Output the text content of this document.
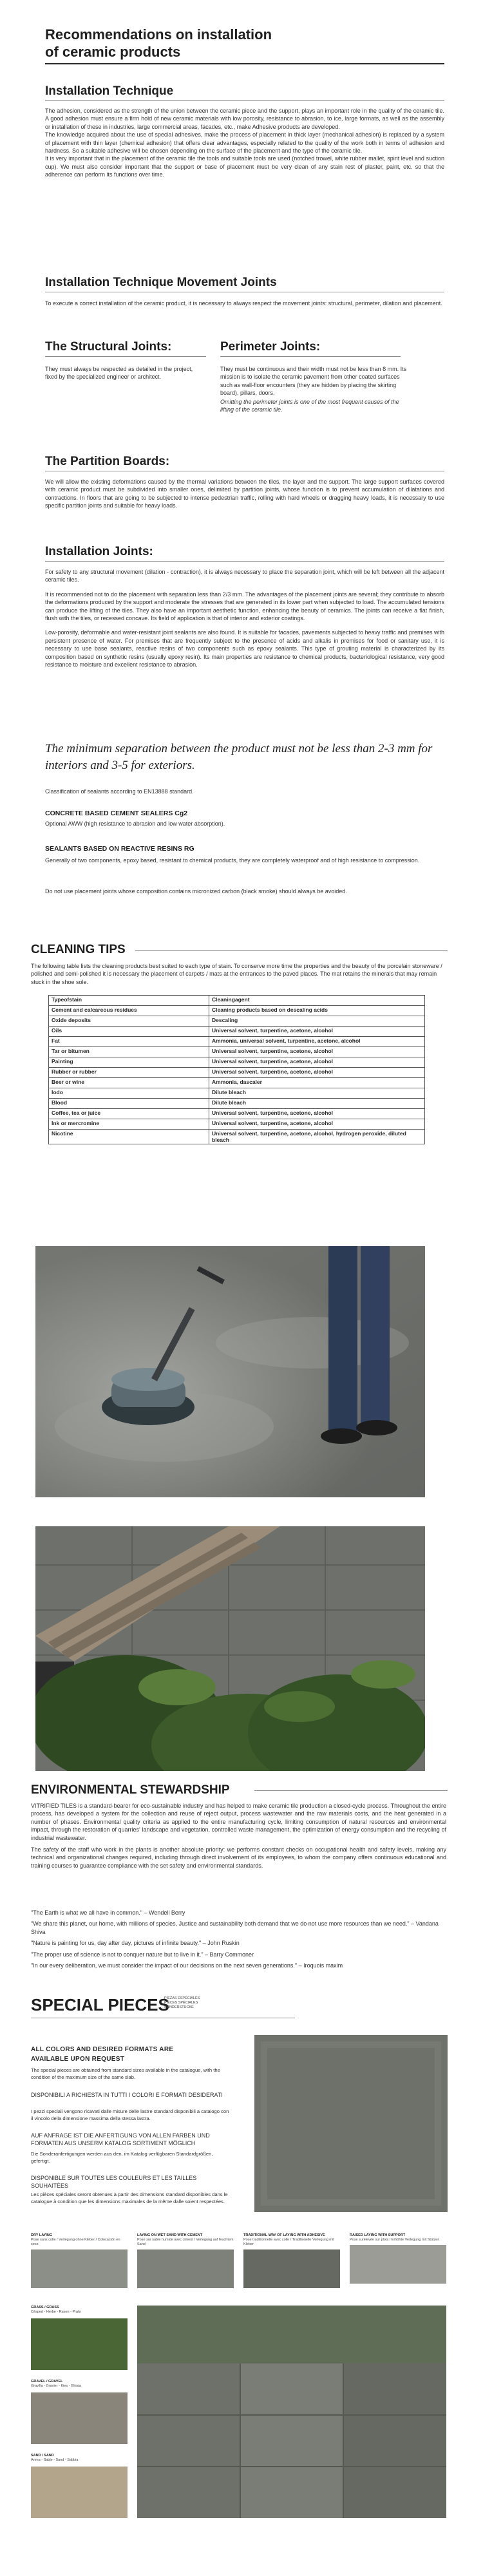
Recommendations on installation
of ceramic products
Installation Technique
The adhesion, considered as the strength of the union between the ceramic piece and the support, plays an important role in the quality of the ceramic tile. A good adhesion must ensure a firm hold of new ceramic materials with low porosity, resistance to abrasion, to ice, large formats, as well as the assembly or installation of these in industries, large commercial areas, facades, etc., make Adhesive products are developed.
The knowledge acquired about the use of special adhesives, make the process of placement in thick layer (mechanical adhesion) is replaced by a system of placement with thin layer (chemical adhesion) that offers clear advantages, especially related to the quality of the work both in terms of adhesion and hardness. So a suitable adhesive will be chosen depending on the surface of the placement and the type of the ceramic tile.
It is very important that in the placement of the ceramic tile the tools and suitable tools are used (notched trowel, white rubber mallet, spirit level and suction cup). We must also consider important that the support or base of placement must be very clean of any stain rest of plaster, paint, etc. so that the adherence can perform its functions over time.
Installation Technique Movement Joints
To execute a correct installation of the ceramic product, it is necessary to always respect the movement joints: structural, perimeter, dilation and placement.
The Structural Joints:
They must always be respected as detailed in the project, fixed by the specialized engineer or architect.
Perimeter Joints:
They must be continuous and their width must not be less than 8 mm. Its mission is to isolate the ceramic pavement from other coated surfaces such as wall-floor encounters (they are hidden by placing the skirting board), pillars, doors.
Omitting the perimeter joints is one of the most frequent causes of the lifting of the ceramic tile.
The Partition Boards:
We will allow the existing deformations caused by the thermal variations between the tiles, the layer and the support. The large support surfaces covered with ceramic product must be subdivided into smaller ones, delimited by partition joints, whose function is to prevent accumulation of dilatations and contractions. In floors that are going to be subjected to intense pedestrian traffic, rolling with hard wheels or dragging heavy loads, it is necessary to use specific partition joints and suitable for heavy loads.
Installation Joints:
For safety to any structural movement (dilation - contraction), it is always necessary to place the separation joint, which will be left between all the adjacent ceramic tiles.
It is recommended not to do the placement with separation less than 2/3 mm. The advantages of the placement joints are several; they contribute to absorb the deformations produced by the support and moderate the stresses that are generated in its lower part when subjected to load. The accumulated tensions can produce the lifting of the tiles. They also have an important aesthetic function, enhancing the beauty of ceramics. The joints can receive a flat finish, flush with the tiles, or recessed concave. Its field of application is that of interior and exterior coatings.
Low-porosity, deformable and water-resistant joint sealants are also found. It is suitable for facades, pavements subjected to heavy traffic and premises with persistent presence of water. For premises that are frequently subject to the presence of acids and alkalis in premises for food or sanitary use, it is necessary to use base sealants, reactive resins of two components such as epoxy sealants. This type of grouting material is characterized by its composition based on synthetic resins (usually epoxy resin). Its main properties are resistance to chemical products, bacteriological resistance, very good resistance to moisture and excellent resistance to abrasion.
The minimum separation between the product must not be less than 2-3 mm for interiors and 3-5 for exteriors.
Classification of sealants according to EN13888 standard.
CONCRETE BASED CEMENT SEALERS Cg2
Optional AWW (high resistance to abrasion and low water absorption).
SEALANTS BASED ON REACTIVE RESINS RG
Generally of two components, epoxy based, resistant to chemical products, they are completely waterproof and of high resistance to compression.
Do not use placement joints whose composition contains micronized carbon (black smoke) should always be avoided.
CLEANING TIPS
The following table lists the cleaning products best suited to each type of stain. To conserve more time the properties and the beauty of the porcelain stoneware / polished and semi-polished it is necessary the placement of carpets / mats at the entrances to the paved places. The mat retains the minerals that may remain stuck in the shoe sole.
Typeofstain	Cleaningagent
Cement and calcareous residues	Cleaning products based on descaling acids
Oxide deposits	Descaling
Oils	Universal solvent, turpentine, acetone, alcohol
Fat	Ammonia, universal solvent, turpentine, acetone, alcohol
Tar or bitumen	Universal solvent, turpentine, acetone, alcohol
Painting	Universal solvent, turpentine, acetone, alcohol
Rubber or rubber	Universal solvent, turpentine, acetone, alcohol
Beer or wine	Ammonia, dascaler
Iodo	Dilute bleach
Blood	Dilute bleach
Coffee, tea or juice	Universal solvent, turpentine, acetone, alcohol
Ink or mercromine	Universal solvent, turpentine, acetone, alcohol
Nicotine	Universal solvent, turpentine, acetone, alcohol, hydrogen peroxide, diluted bleach
ENVIRONMENTAL STEWARDSHIP
VITRIFIED TILES is a standard-bearer for eco-sustainable industry and has helped to make ceramic tile production a closed-cycle process. Throughout the entire process, has developed a system for the collection and reuse of reject output, process wastewater and the raw materials costs, and the heat generated in a number of phases. Environmental quality criteria as applied to the entire manufacturing cycle, limiting consumption of natural resources and environmental impact, through the restoration of quarries' landscape and vegetation, controlled waste management, the optimization of energy consumption and the recycling of industrial wastewater.
The safety of the staff who work in the plants is another absolute priority: we performs constant checks on occupational health and safety levels, making any technical and organizational changes required, including through direct involvement of its employees, to whom the company offers continuous educational and training courses to guarantee compliance with the set safety and environmental standards.
"The Earth is what we all have in common." – Wendell Berry
"We share this planet, our home, with millions of species, Justice and sustainability both demand that we do not use more resources than we need." – Vandana Shiva
"Nature is painting for us, day after day, pictures of infinite beauty." – John Ruskin
"The proper use of science is not to conquer nature but to live in it." – Barry Commoner
"In our every deliberation, we must consider the impact of our decisions on the next seven generations." – Iroquois maxim
SPECIAL PIECES
PIEZAS ESPECIALES
PIÈCES SPÉCIALES
SONDERSTÜCKE
ALL COLORS AND DESIRED FORMATS ARE
AVAILABLE UPON REQUEST
The special pieces are obtained from standard sizes available in the catalogue, with the condition of the maximum size of the same slab.
DISPONIBILI A RICHIESTA IN TUTTI I COLORI E FORMATI DESIDERATI
I pezzi speciali vengono ricavati dalle misure delle lastre standard disponibili a catalogo con il vincolo della dimensione massima della stessa lastra.
AUF ANFRAGE IST DIE ANFERTIGUNG VON ALLEN FARBEN UND FORMATEN AUS UNSERM KATALOG SORTIMENT MÖGLICH
Die Sonderanfertigungen werden aus den, im Katalog verfügbaren Standardgrößen, gefertigt.
DISPONIBLE SUR TOUTES LES COULEURS ET LES TAILLES SOUHAITÉES
Les pièces spéciales seront obtenues à partir des dimensions standard disponibles dans le catalogue à condition que les dimensions maximales de la même dalle soient respectées.
DRY LAYING
Pose sans colle / Verlegung ohne Kleber / Colocación en seco
LAYING ON WET SAND WITH CEMENT
Pose sur sable humide avec ciment / Verlegung auf feuchtem Sand
TRADITIONAL WAY OF LAYING WITH ADHESIVE
Pose traditionnelle avec colle / Traditionelle Verlegung mit Kleber
RAISED LAYING WITH SUPPORT
Pose surélevée sur plots / Erhöhte Verlegung mit Stützen
GRASS / GRASS
Césped - Herbe - Rasen - Prato
GRAVEL / GRAVEL
Gravilla - Gravier - Kies - Ghiaia
SAND / SAND
Arena - Sable - Sand - Sabbia
